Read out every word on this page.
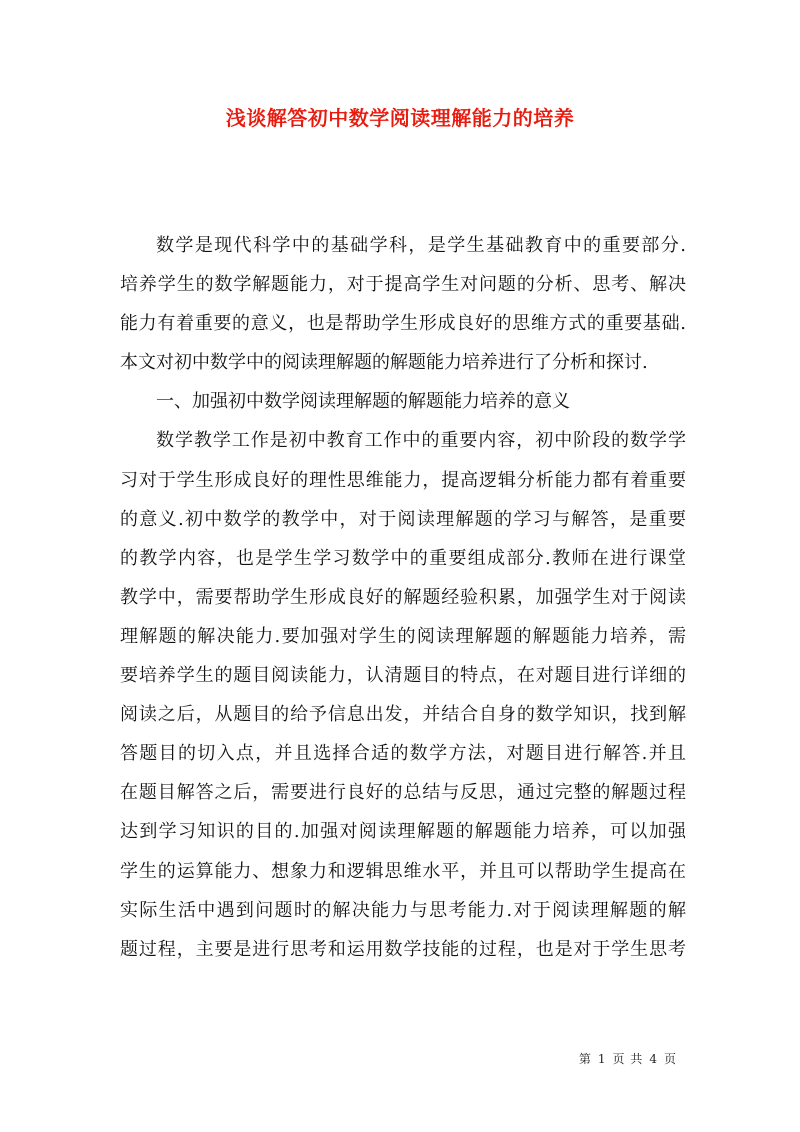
浅谈解答初中数学阅读理解能力的培养
数学是现代科学中的基础学科，是学生基础教育中的重要部分.
培养学生的数学解题能力，对于提高学生对问题的分析、思考、解决
能力有着重要的意义，也是帮助学生形成良好的思维方式的重要基础.
本文对初中数学中的阅读理解题的解题能力培养进行了分析和探讨.
一、加强初中数学阅读理解题的解题能力培养的意义
数学教学工作是初中教育工作中的重要内容，初中阶段的数学学
习对于学生形成良好的理性思维能力，提高逻辑分析能力都有着重要
的意义.初中数学的教学中，对于阅读理解题的学习与解答，是重要
的教学内容，也是学生学习数学中的重要组成部分.教师在进行课堂
教学中，需要帮助学生形成良好的解题经验积累，加强学生对于阅读
理解题的解决能力.要加强对学生的阅读理解题的解题能力培养，需
要培养学生的题目阅读能力，认清题目的特点，在对题目进行详细的
阅读之后，从题目的给予信息出发，并结合自身的数学知识，找到解
答题目的切入点，并且选择合适的数学方法，对题目进行解答.并且
在题目解答之后，需要进行良好的总结与反思，通过完整的解题过程
达到学习知识的目的.加强对阅读理解题的解题能力培养，可以加强
学生的运算能力、想象力和逻辑思维水平，并且可以帮助学生提高在
实际生活中遇到问题时的解决能力与思考能力.对于阅读理解题的解
题过程，主要是进行思考和运用数学技能的过程，也是对于学生思考
第 1 页 共 4 页
